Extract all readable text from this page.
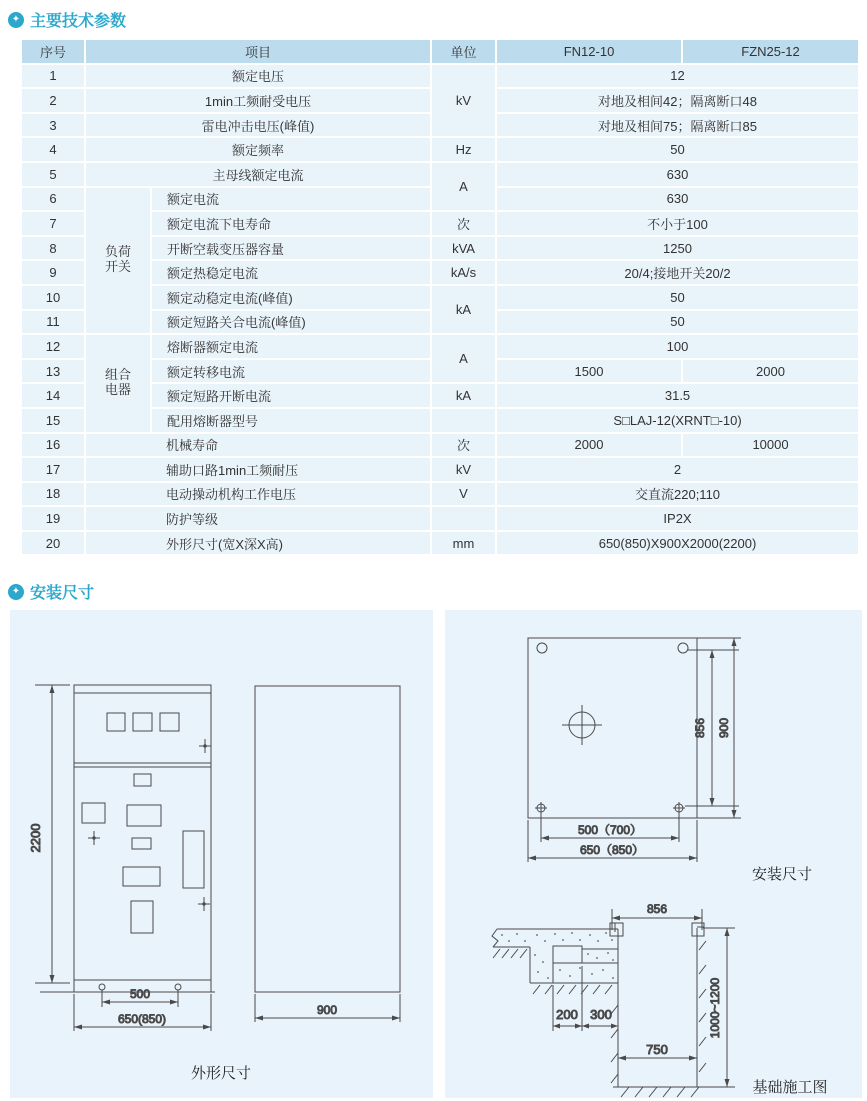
✦ 主要技术参数
序号	项目		单位	FN12-10	FZN25-12
1	额定电压		kV	12	
2	1min工频耐受电压			对地及相间42；隔离断口48	
3	雷电冲击电压(峰值)			对地及相间75；隔离断口85	
4	额定频率		Hz	50	
5	主母线额定电流		A	630	
6	负荷开关	额定电流		630	
7		额定电流下电寿命	次	不小于100	
8		开断空载变压器容量	kVA	1250	
9		额定热稳定电流	kA/s	20/4;接地开关20/2	
10		额定动稳定电流(峰值)	kA	50	
11		额定短路关合电流(峰值)		50	
12	组合电器	熔断器额定电流	A	100	
13		额定转移电流		1500	2000
14		额定短路开断电流	kA	31.5	
15		配用熔断器型号		S□LAJ-12(XRNT□-10)	
16	机械寿命		次	2000	10000
17	辅助口路1min工频耐压		kV	2	
18	电动操动机构工作电压		V	交直流220;110	
19	防护等级			IP2X	
20	外形尺寸(宽X深X高)		mm	650(850)X900X2000(2200)	
✦ 安装尺寸
2200
500
650(850)
900
外形尺寸
856 900
500（700）
650（850）
安装尺寸
856
1000~1200
200 300
750
基础施工图
